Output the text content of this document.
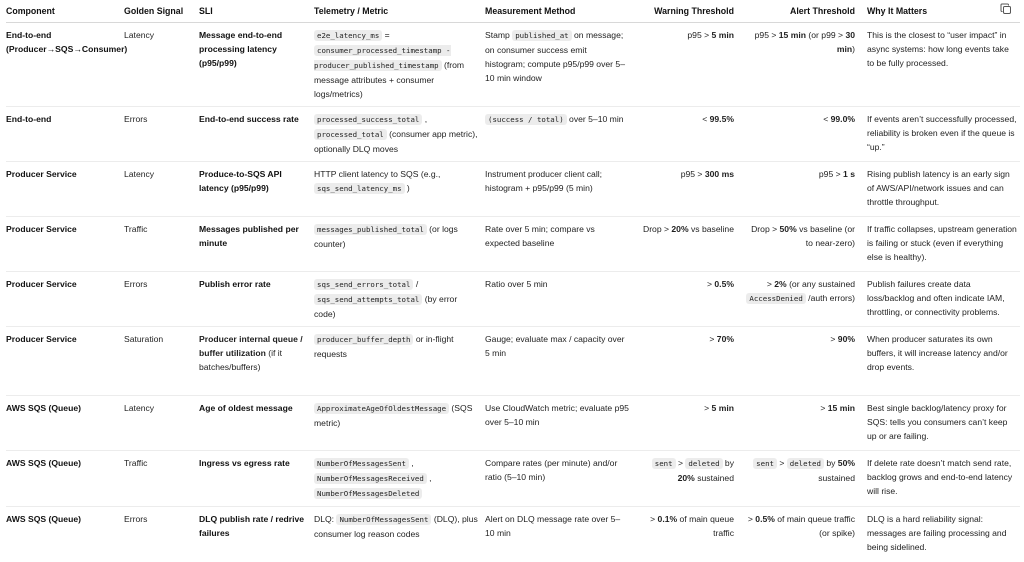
Component	Golden Signal	SLI	Telemetry / Metric	Measurement Method	Warning Threshold	Alert Threshold	Why It Matters
End-to-end (Producer→SQS→Consumer)	Latency	Message end-to-end processing latency (p95/p99)	e2e_latency_ms = consumer_processed_timestamp - producer_published_timestamp (from message attributes + consumer logs/metrics)	Stamp published_at on message; on consumer success emit histogram; compute p95/p99 over 5–10 min window	p95 > 5 min	p95 > 15 min (or p99 > 30 min)	This is the closest to “user impact” in async systems: how long events take to be fully processed.
End-to-end	Errors	End-to-end success rate	processed_success_total , processed_total (consumer app metric), optionally DLQ moves	(success / total) over 5–10 min	< 99.5%	< 99.0%	If events aren’t successfully processed, reliability is broken even if the queue is “up.”
Producer Service	Latency	Produce-to-SQS API latency (p95/p99)	HTTP client latency to SQS (e.g., sqs_send_latency_ms )	Instrument producer client call; histogram + p95/p99 (5 min)	p95 > 300 ms	p95 > 1 s	Rising publish latency is an early sign of AWS/API/network issues and can throttle throughput.
Producer Service	Traffic	Messages published per minute	messages_published_total (or logs counter)	Rate over 5 min; compare vs expected baseline	Drop > 20% vs baseline	Drop > 50% vs baseline (or to near-zero)	If traffic collapses, upstream generation is failing or stuck (even if everything else is healthy).
Producer Service	Errors	Publish error rate	sqs_send_errors_total / sqs_send_attempts_total (by error code)	Ratio over 5 min	> 0.5%	> 2% (or any sustained AccessDenied /auth errors)	Publish failures create data loss/backlog and often indicate IAM, throttling, or connectivity problems.
Producer Service	Saturation	Producer internal queue / buffer utilization (if it batches/buffers)	producer_buffer_depth or in-flight requests	Gauge; evaluate max / capacity over 5 min	> 70%	> 90%	When producer saturates its own buffers, it will increase latency and/or drop events.
AWS SQS (Queue)	Latency	Age of oldest message	ApproximateAgeOfOldestMessage (SQS metric)	Use CloudWatch metric; evaluate p95 over 5–10 min	> 5 min	> 15 min	Best single backlog/latency proxy for SQS: tells you consumers can’t keep up or are failing.
AWS SQS (Queue)	Traffic	Ingress vs egress rate	NumberOfMessagesSent , NumberOfMessagesReceived , NumberOfMessagesDeleted	Compare rates (per minute) and/or ratio (5–10 min)	sent > deleted by 20% sustained	sent > deleted by 50% sustained	If delete rate doesn’t match send rate, backlog grows and end-to-end latency will rise.
AWS SQS (Queue)	Errors	DLQ publish rate / redrive failures	DLQ: NumberOfMessagesSent (DLQ), plus consumer log reason codes	Alert on DLQ message rate over 5–10 min	> 0.1% of main queue traffic	> 0.5% of main queue traffic (or spike)	DLQ is a hard reliability signal: messages are failing processing and being sidelined.
